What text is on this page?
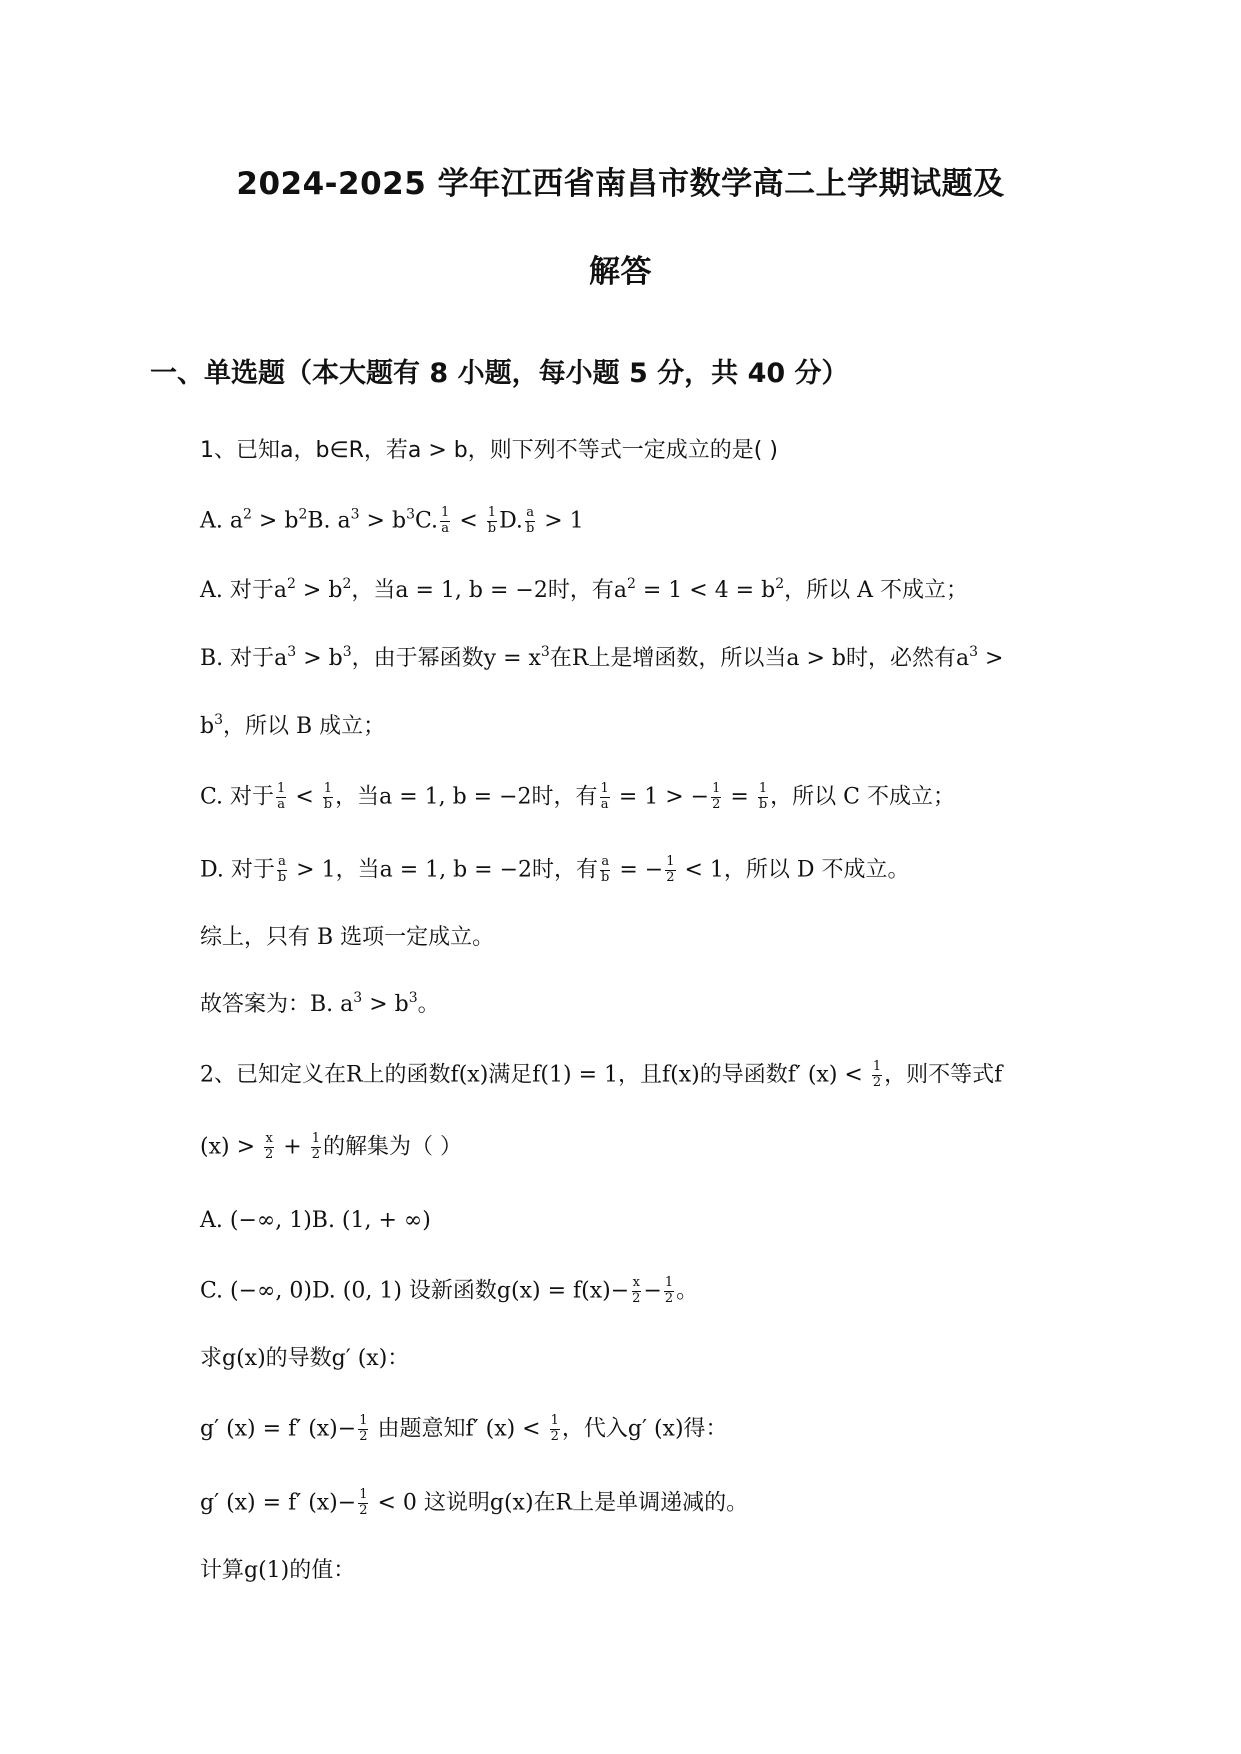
2024-2025 学年江西省南昌市数学高二上学期试题及
解答
一、单选题（本大题有 8 小题，每小题 5 分，共 40 分）
1、已知a，b∈R，若a > b，则下列不等式一定成立的是( )
A. $a^2 > b^2B$. $a^3 > b^3C$. $\frac{1}{a} < \frac{1}{b} D$. $\frac{a}{b} > 1$
A. 对于$a^2 > b^2$，当a = 1, b = −2时，有$a^2 = 1 < 4 = b^2$，所以 A 不成立；
B. 对于$a^3 > b^3$，由于幂函数$y = x^3$在R上是增函数，所以当a > b时，必然有$a^3$ >
$b^3$，所以 B 成立；
C. 对于 $\frac{1}{a} < \frac{1}{b}$ ，当a = 1, b = −2时，有 $\frac{1}{a} = 1$ > − $\frac{1}{2} = \frac{1}{b}$ ，所以 C 不成立；
D. 对于 $\frac{a}{b} > 1$，当a = 1, b = −2时，有 $\frac{a}{b}$ = − $\frac{1}{2} < 1$，所以 D 不成立。
综上，只有 B 选项一定成立。
故答案为：B. $a^3 > b^3$。
2、已知定义在R上的函数f(x)满足f(1) = 1，且f(x)的导函数f′ $(x) < \frac{1}{2}$ ，则不等式f
$(x) > \frac{x}{2} + \frac{1}{2}$ 的解集为（ ）
A. (−∞, 1)B. (1, + ∞)
C. (−∞, 0)D. (0, 1) 设新函数$g(x) = f(x)- \frac{x}{2} - \frac{1}{2}$ 。
求g(x)的导数g′ (x)：
g′ (x) = f′ $(x)- \frac{1}{2}$ 由题意知f′ $(x) < \frac{1}{2}$ ，代入g′ (x)得：
g′ (x) = f′ $(x)- \frac{1}{2} < 0$ 这说明g(x)在R上是单调递减的。
计算g(1)的值：
